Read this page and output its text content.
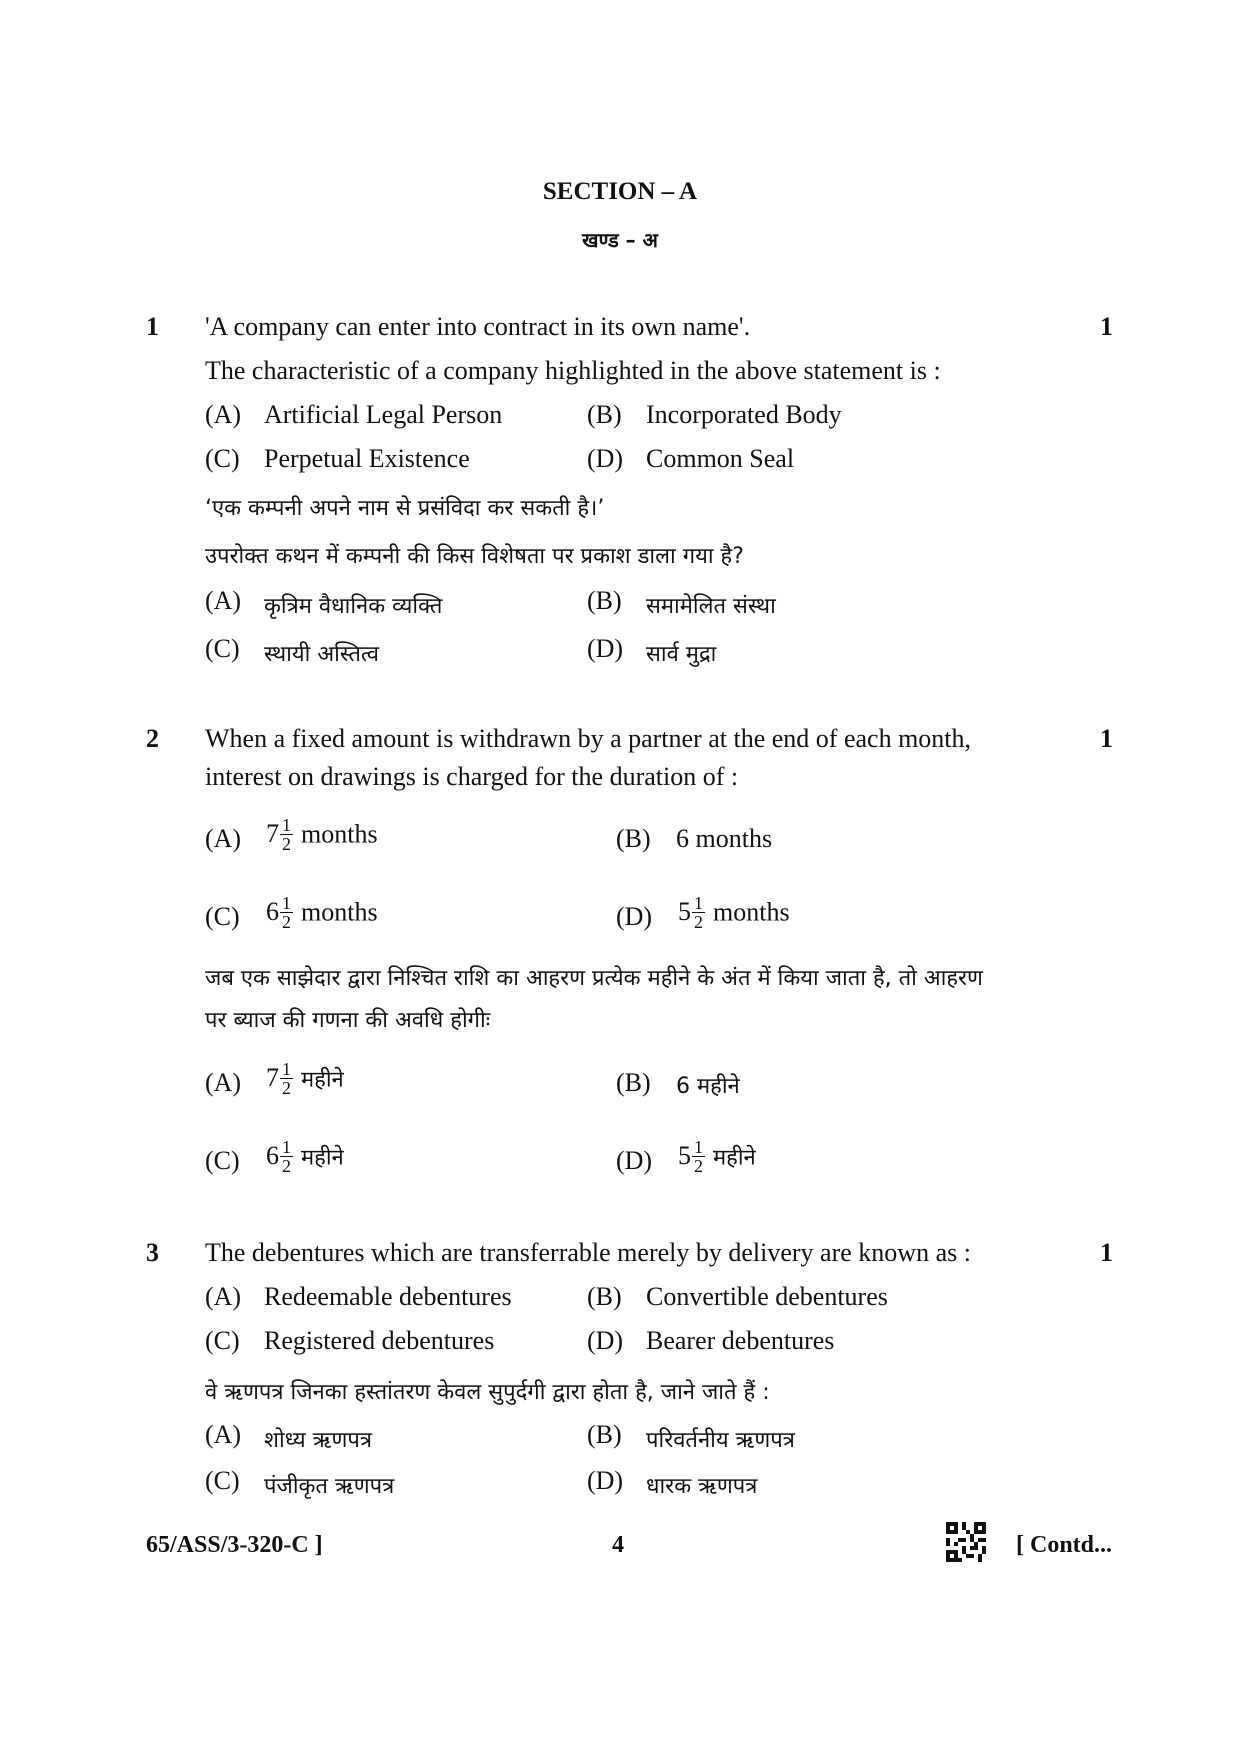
SECTION – A
खण्ड – अ
1	1
'A company can enter into contract in its own name'.
The characteristic of a company highlighted in the above statement is :
(A) Artificial Legal Person	(B) Incorporated Body
(C) Perpetual Existence	(D) Common Seal
‘एक कम्पनी अपने नाम से प्रसंविदा कर सकती है।’
उपरोक्त कथन में कम्पनी की किस विशेषता पर प्रकाश डाला गया है?
(A) कृत्रिम वैधानिक व्यक्ति	(B) समामेलित संस्था
(C) स्थायी अस्तित्व	(D) सार्व मुद्रा
2	1
When a fixed amount is withdrawn by a partner at the end of each month,
interest on drawings is charged for the duration of :
(A) $7 \frac{1}{2}$ months	(B) 6 months
(C) $6 \frac{1}{2}$ months	(D) $5 \frac{1}{2}$ months
जब एक साझेदार द्वारा निश्चित राशि का आहरण प्रत्येक महीने के अंत में किया जाता है, तो आहरण
पर ब्याज की गणना की अवधि होगीः
(A) $7 \frac{1}{2}$ महीने	(B) 6 महीने
(C) $6 \frac{1}{2}$ महीने	(D) $5 \frac{1}{2}$ महीने
3	1
The debentures which are transferrable merely by delivery are known as :
(A) Redeemable debentures	(B) Convertible debentures
(C) Registered debentures	(D) Bearer debentures
वे ऋणपत्र जिनका हस्तांतरण केवल सुपुर्दगी द्वारा होता है, जाने जाते हैं :
(A) शोध्य ऋणपत्र	(B) परिवर्तनीय ऋणपत्र
(C) पंजीकृत ऋणपत्र	(D) धारक ऋणपत्र
65/ASS/3-320-C ]	4	[ Contd...
